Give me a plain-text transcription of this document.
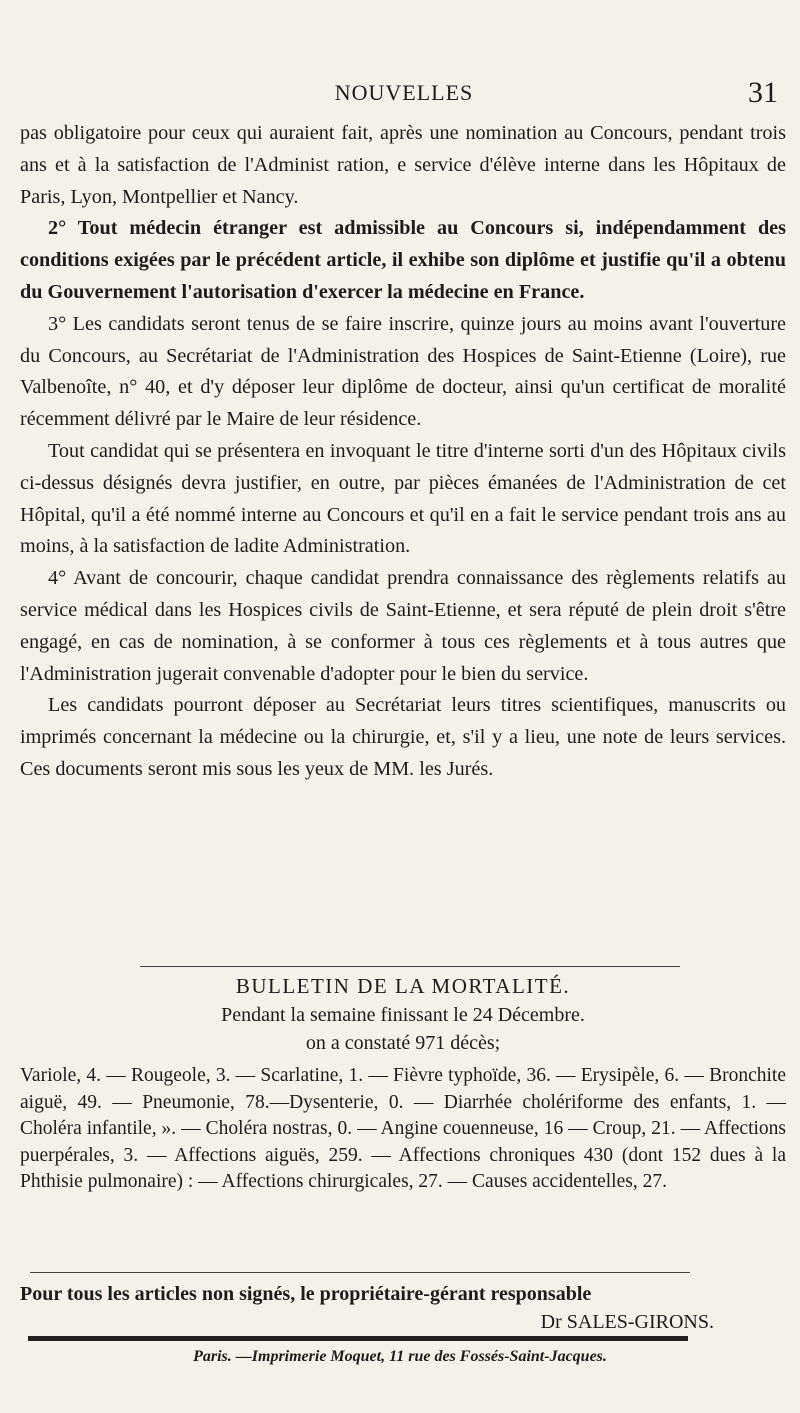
NOUVELLES	31

pas obligatoire pour ceux qui auraient fait, après une nomination au Concours, pendant trois ans et à la satisfaction de l'Administ ration, e service d'élève interne dans les Hôpitaux de Paris, Lyon, Montpellier et Nancy.

2° Tout médecin étranger est admissible au Concours si, indépendamment des conditions exigées par le précédent article, il exhibe son diplôme et justifie qu'il a obtenu du Gouvernement l'autorisation d'exercer la médecine en France.

3° Les candidats seront tenus de se faire inscrire, quinze jours au moins avant l'ouverture du Concours, au Secrétariat de l'Administration des Hospices de Saint-Etienne (Loire), rue Valbenoîte, n° 40, et d'y déposer leur diplôme de docteur, ainsi qu'un certificat de moralité récemment délivré par le Maire de leur résidence.

Tout candidat qui se présentera en invoquant le titre d'interne sorti d'un des Hôpitaux civils ci-dessus désignés devra justifier, en outre, par pièces émanées de l'Administration de cet Hôpital, qu'il a été nommé interne au Concours et qu'il en a fait le service pendant trois ans au moins, à la satisfaction de ladite Administration.

4° Avant de concourir, chaque candidat prendra connaissance des règlements relatifs au service médical dans les Hospices civils de Saint-Etienne, et sera réputé de plein droit s'être engagé, en cas de nomination, à se conformer à tous ces règlements et à tous autres que l'Administration jugerait convenable d'adopter pour le bien du service.

Les candidats pourront déposer au Secrétariat leurs titres scientifiques, manuscrits ou imprimés concernant la médecine ou la chirurgie, et, s'il y a lieu, une note de leurs services. Ces documents seront mis sous les yeux de MM. les Jurés.

BULLETIN DE LA MORTALITÉ.
Pendant la semaine finissant le 24 Décembre.
on a constaté 971 décès;
Variole, 4. — Rougeole, 3. — Scarlatine, 1. — Fièvre typhoïde, 36. — Erysipèle, 6. — Bronchite aiguë, 49. — Pneumonie, 78.—Dysenterie, 0. — Diarrhée cholériforme des enfants, 1. — Choléra infantile, ». — Choléra nostras, 0. — Angine couenneuse, 16 — Croup, 21. — Affections puerpérales, 3. — Affections aiguës, 259. — Affections chroniques 430 (dont 152 dues à la Phthisie pulmonaire) : — Affections chirurgicales, 27. — Causes accidentelles, 27.
Pour tous les articles non signés, le propriétaire-gérant responsable
Dr SALES-GIRONS.
Paris. —Imprimerie Moquet, 11 rue des Fossés-Saint-Jacques.
